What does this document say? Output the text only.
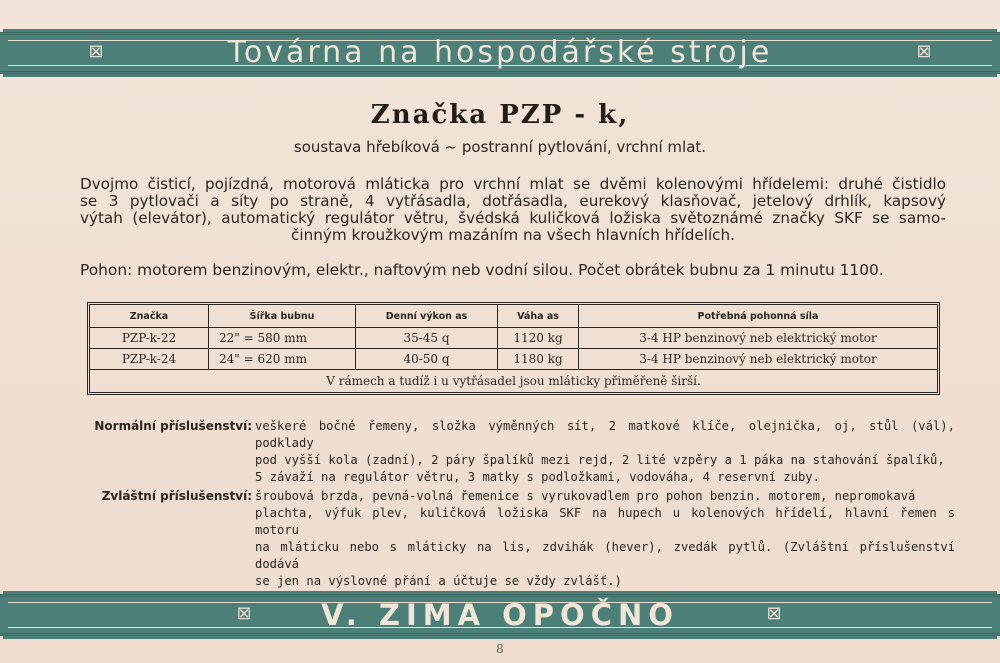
⊠	Továrna na hospodářské stroje	⊠
Značka PZP - k,
soustava hřebíková ~ postranní pytlování, vrchní mlat.
Dvojmo čisticí, pojízdná, motorová mláticka pro vrchní mlat se dvěmi kolenovými hřídelemi: druhé čistidlo
se 3 pytlovači a síty po straně, 4 vytřásadla, dotřásadla, eurekový klasňovač, jetelový drhlík, kapsový
výtah (elevátor), automatický regulátor větru, švédská kuličková ložiska světoznámé značky SKF se samo-
činným kroužkovým mazáním na všech hlavních hřídelích.
Pohon: motorem benzinovým, elektr., naftovým neb vodní silou. Počet obrátek bubnu za 1 minutu 1100.
Značka	Šířka bubnu	Denní výkon as	Váha as	Potřebná pohonná síla
PZP-k-22	22" = 580 mm	35-45 q	1120 kg	3-4 HP benzinový neb elektrický motor
PZP-k-24	24" = 620 mm	40-50 q	1180 kg	3-4 HP benzinový neb elektrický motor
V rámech a tudíž i u vytřásadel jsou mláticky přiměřeně širší.				
Normální příslušenství: veškeré bočné řemeny, složka výměnných sít, 2 matkové klíče, olejnička, oj, stůl (vál), podklady
pod vyšší kola (zadní), 2 páry špalíků mezi rejd, 2 lité vzpěry a 1 páka na stahování špalíků,
5 závaží na regulátor větru, 3 matky s podložkami, vodováha, 4 reservní zuby.
Zvláštní příslušenství: šroubová brzda, pevná-volná řemenice s vyrukovadlem pro pohon benzin. motorem, nepromokavá
plachta, výfuk plev, kuličková ložiska SKF na hupech u kolenových hřídelí, hlavní řemen s motoru
na mláticku nebo s mláticky na lis, zdvihák (hever), zvedák pytlů. (Zvláštní příslušenství dodává
se jen na výslovné přání a účtuje se vždy zvlášť.)
⊠	V. ZIMA OPOČNO	⊠
8
